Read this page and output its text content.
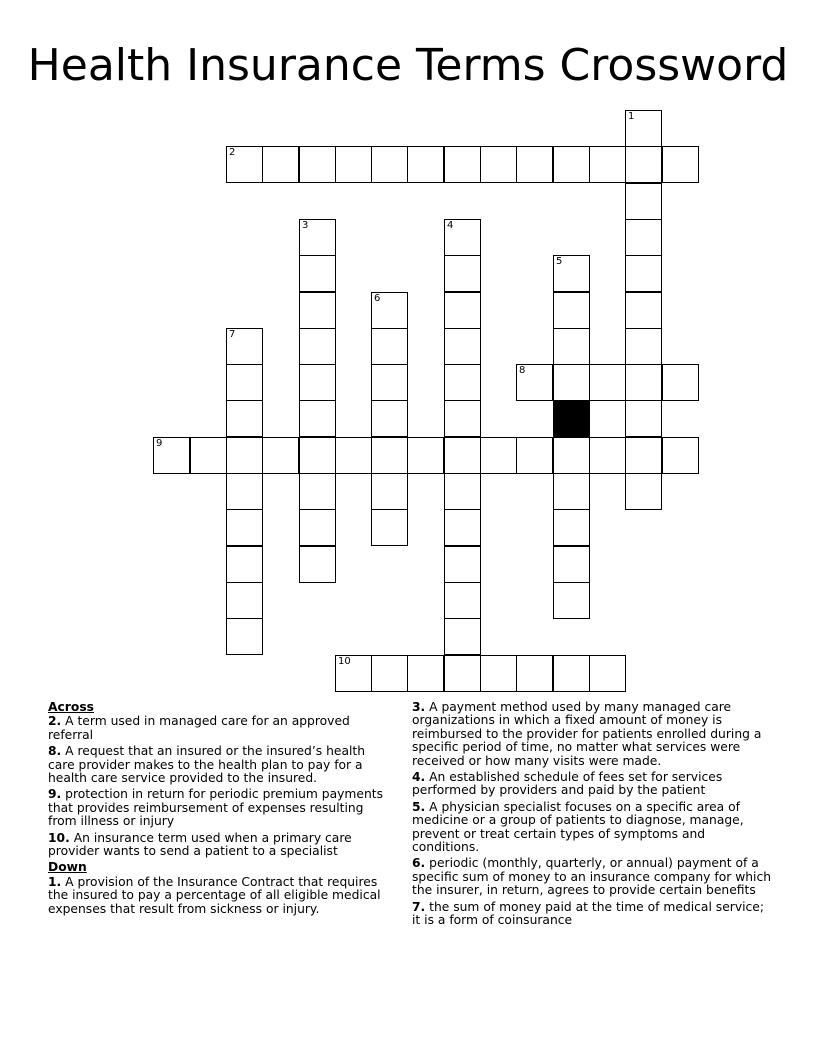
Health Insurance Terms Crossword
2
8
9
10
1
3	4
5
6
7
Across
2. A term used in managed care for an approved referral
8. A request that an insured or the insured’s health care provider makes to the health plan to pay for a health care service provided to the insured.
9. protection in return for periodic premium payments that provides reimbursement of expenses resulting from illness or injury
10. An insurance term used when a primary care provider wants to send a patient to a specialist
Down
1. A provision of the Insurance Contract that requires the insured to pay a percentage of all eligible medical expenses that result from sickness or injury.
3. A payment method used by many managed care organizations in which a fixed amount of money is reimbursed to the provider for patients enrolled during a specific period of time, no matter what services were received or how many visits were made.
4. An established schedule of fees set for services performed by providers and paid by the patient
5. A physician specialist focuses on a specific area of medicine or a group of patients to diagnose, manage, prevent or treat certain types of symptoms and conditions.
6. periodic (monthly, quarterly, or annual) payment of a specific sum of money to an insurance company for which the insurer, in return, agrees to provide certain benefits
7. the sum of money paid at the time of medical service; it is a form of coinsurance
